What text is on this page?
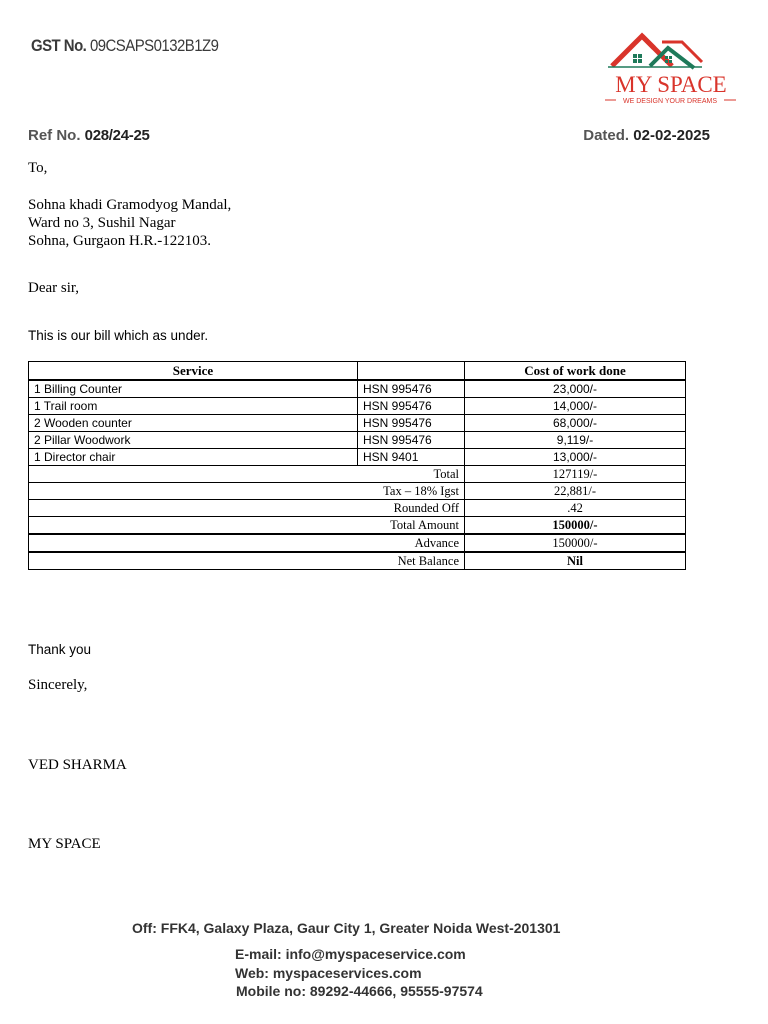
GST No. 09CSAPS0132B1Z9
MY SPACE
WE DESIGN YOUR DREAMS
Ref No. 028/24-25	Dated. 02-02-2025
To,
Sohna khadi Gramodyog Mandal,
Ward no 3, Sushil Nagar
Sohna, Gurgaon H.R.-122103.
Dear sir,
This is our bill which as under.
Service		Cost of work done
1 Billing Counter	HSN 995476	23,000/-
1 Trail room	HSN 995476	14,000/-
2 Wooden counter	HSN 995476	68,000/-
2 Pillar Woodwork	HSN 995476	9,119/-
1 Director chair	HSN 9401	13,000/-
Total		127119/-
Tax – 18% Igst		22,881/-
Rounded Off		.42
Total Amount		150000/-
Advance		150000/-
Net Balance		Nil
Thank you
Sincerely,
VED SHARMA
MY SPACE
Off: FFK4, Galaxy Plaza, Gaur City 1, Greater Noida West-201301
E-mail: info@myspaceservice.com
Web: myspaceservices.com
Mobile no: 89292-44666, 95555-97574
